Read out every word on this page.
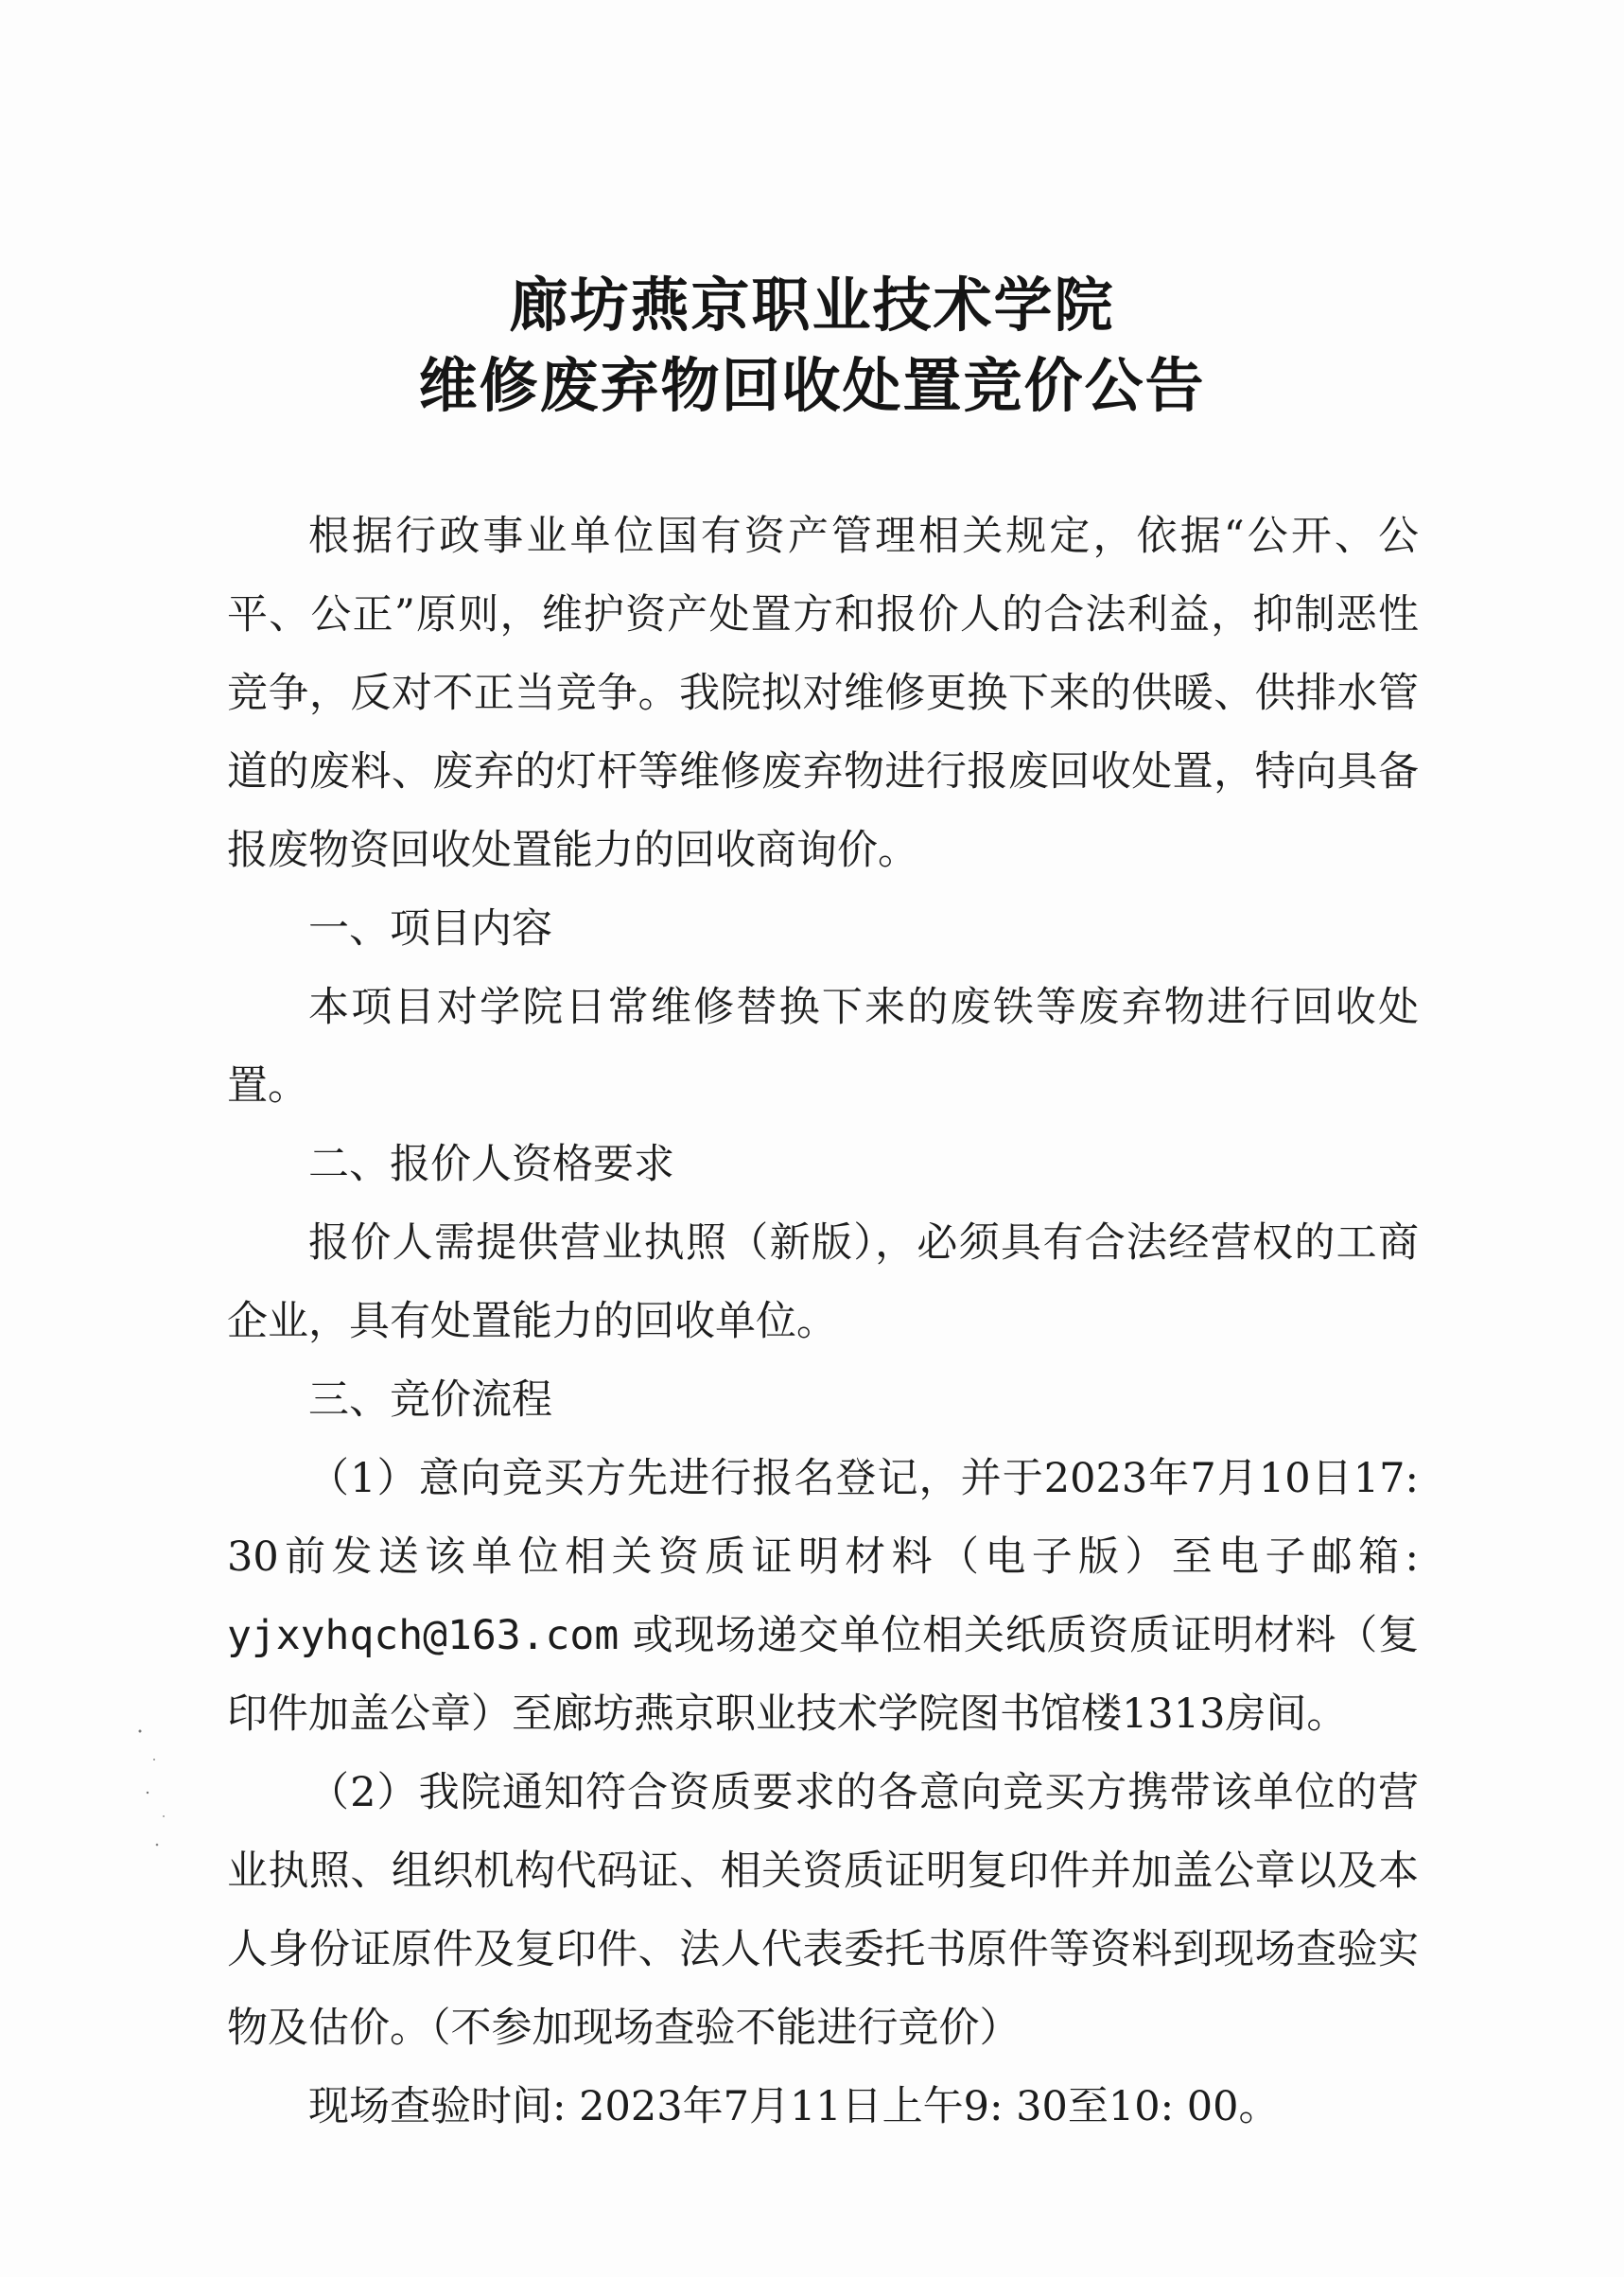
廊坊燕京职业技术学院
维修废弃物回收处置竞价公告

根据行政事业单位国有资产管理相关规定，依据“公开、公平、公正”原则，维护资产处置方和报价人的合法利益，抑制恶性竞争，反对不正当竞争。我院拟对维修更换下来的供暖、供排水管道的废料、废弃的灯杆等维修废弃物进行报废回收处置，特向具备报废物资回收处置能力的回收商询价。

一、项目内容

本项目对学院日常维修替换下来的废铁等废弃物进行回收处置。

二、报价人资格要求

报价人需提供营业执照（新版），必须具有合法经营权的工商企业，具有处置能力的回收单位。

三、竞价流程

（1）意向竞买方先进行报名登记，并于2023年7月10日17: 30前发送该单位相关资质证明材料（电子版）至电子邮箱: yjxyhqch@163.com 或现场递交单位相关纸质资质证明材料（复印件加盖公章）至廊坊燕京职业技术学院图书馆楼1313房间。

（2）我院通知符合资质要求的各意向竞买方携带该单位的营业执照、组织机构代码证、相关资质证明复印件并加盖公章以及本人身份证原件及复印件、法人代表委托书原件等资料到现场查验实物及估价。（不参加现场查验不能进行竞价）

现场查验时间: 2023年7月11日上午9: 30至10: 00。
